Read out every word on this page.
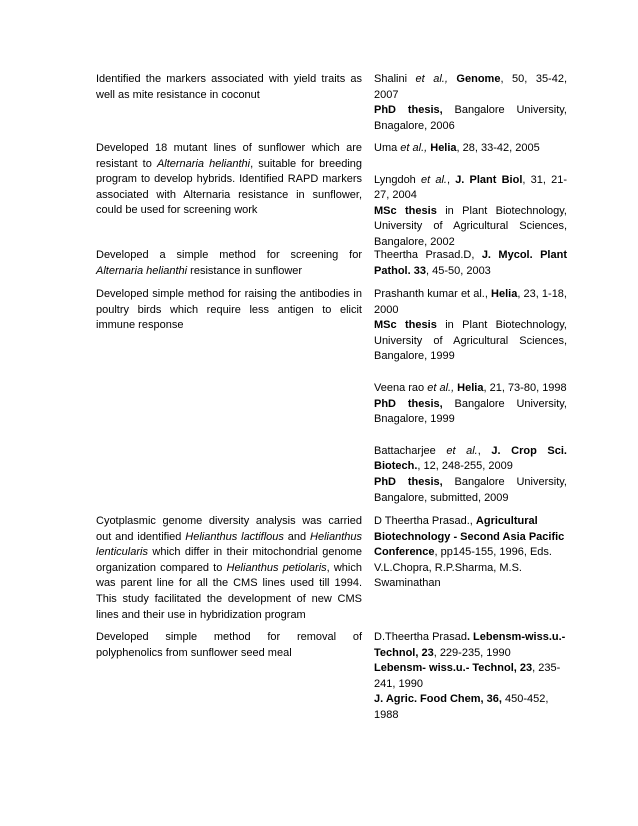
Identified the markers associated with yield traits as well as mite resistance in coconut

Shalini et al., Genome, 50, 35-42, 2007

PhD thesis, Bangalore University, Bnagalore, 2006

Developed 18 mutant lines of sunflower which are resistant to Alternaria helianthi, suitable for breeding program to develop hybrids. Identified RAPD markers associated with Alternaria resistance in sunflower, could be used for screening work

Uma et al., Helia, 28, 33-42, 2005

Lyngdoh et al., J. Plant Biol, 31, 21-27, 2004

MSc thesis in Plant Biotechnology, University of Agricultural Sciences, Bangalore, 2002

Developed a simple method for screening for Alternaria helianthi resistance in sunflower

Theertha Prasad.D, J. Mycol. Plant Pathol. 33, 45-50, 2003

Developed simple method for raising the antibodies in poultry birds which require less antigen to elicit immune response

Prashanth kumar et al., Helia, 23, 1-18, 2000

MSc thesis in Plant Biotechnology, University of Agricultural Sciences, Bangalore, 1999

Veena rao et al., Helia, 21, 73-80, 1998

PhD thesis, Bangalore University, Bnagalore, 1999

Battacharjee et al., J. Crop Sci. Biotech., 12, 248-255, 2009

PhD thesis, Bangalore University, Bangalore, submitted, 2009

Cyotplasmic genome diversity analysis was carried out and identified Helianthus lactiflous and Helianthus lenticularis which differ in their mitochondrial genome organization compared to Helianthus petiolaris, which was parent line for all the CMS lines used till 1994. This study facilitated the development of new CMS lines and their use in hybridization program

D Theertha Prasad., Agricultural Biotechnology - Second Asia Pacific Conference, pp145-155, 1996, Eds. V.L.Chopra, R.P.Sharma, M.S. Swaminathan

Developed simple method for removal of polyphenolics from sunflower seed meal

D.Theertha Prasad. Lebensm-wiss.u.- Technol, 23, 229-235, 1990

Lebensm- wiss.u.- Technol, 23, 235-241, 1990

J. Agric. Food Chem, 36, 450-452, 1988
